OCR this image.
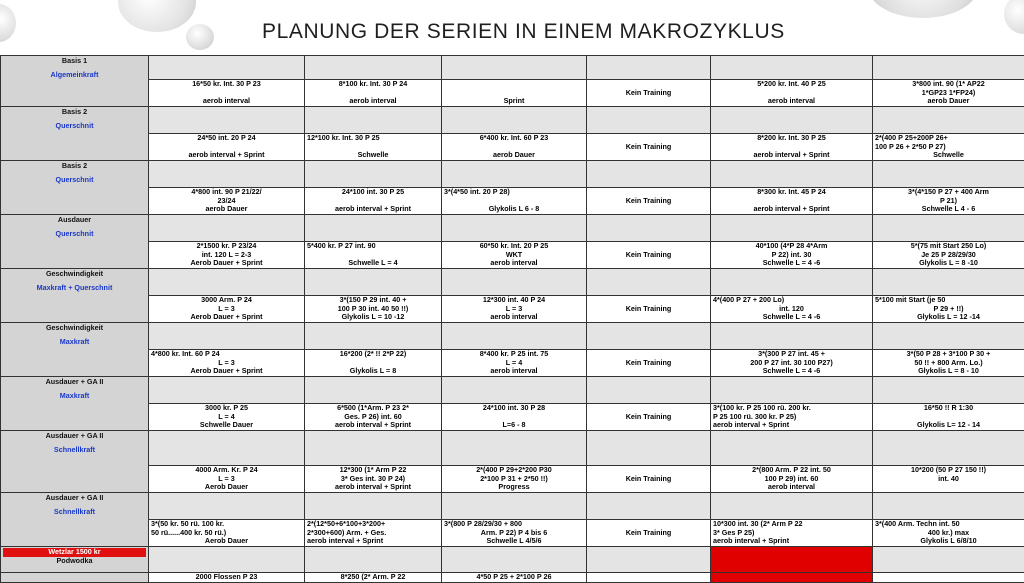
PLANUNG DER SERIEN IN EINEM MAKROZYKLUS
Basis 1
Algemeinkraft						

	16*50 kr. Int. 30 P 23

aerob interval	8*100 kr. Int. 30 P 24

aerob interval	Sprint	Kein Training	5*200 kr. Int. 40 P 25

aerob interval	3*800 int. 90 (1* AP22
1*GP23 1*FP24)
aerob Dauer

Basis 2
Querschnit						

	24*50 int. 20 P 24

aerob interval + Sprint	12*100 kr. Int. 30 P 25

Schwelle	6*400 kr. Int. 60 P 23

aerob Dauer	Kein Training	8*200 kr. Int. 30 P 25

aerob interval + Sprint	2*(400 P 25+200P 26+
100 P 26 + 2*50 P 27)
Schwelle

Basis 2
Querschnit						

	4*800 int. 90 P 21/22/
23/24
aerob Dauer	24*100 int. 30 P 25

aerob interval + Sprint	3*(4*50 int. 20 P 28)

Glykolis L 6 - 8	Kein Training	8*300 kr. Int. 45 P 24

aerob interval + Sprint	3*(4*150 P 27 + 400 Arm
P 21)
Schwelle L 4 - 6

Ausdauer
Querschnit						

	2*1500 kr. P 23/24
int. 120 L = 2-3
Aerob Dauer + Sprint	5*400 kr. P 27 int. 90

Schwelle L = 4	60*50 kr. Int. 20 P 25
WKT
aerob interval	Kein Training	40*100 (4*P 28 4*Arm
P 22) int. 30
Schwelle L = 4 -6	5*(75 mit Start 250 Lo)
Je 25 P 28/29/30
Glykolis L = 8 -10

Geschwindigkeit
Maxkraft + Querschnit						

	3000 Arm. P 24
L = 3
Aerob Dauer + Sprint	3*(150 P 29 int. 40 +
100 P 30 int. 40 50 !!)
Glykolis L = 10 -12	12*300 int. 40 P 24
L = 3
aerob interval	Kein Training	4*(400 P 27 + 200 Lo)
int. 120
Schwelle L = 4 -6	5*100 mit Start (je 50
P 29 + !!)
Glykolis L = 12 -14

Geschwindigkeit
Maxkraft						

	4*800 kr. Int. 60 P 24
L = 3
Aerob Dauer + Sprint	16*200 (2* !! 2*P 22)

Glykolis L = 8	8*400 kr. P 25 int. 75
L = 4
aerob interval	Kein Training	3*(300 P 27 int. 45 +
200 P 27 int. 30 100 P27)
Schwelle L = 4 -6	3*(50 P 28 + 3*100 P 30 +
50 !! + 800 Arm. Lo.)
Glykolis L = 8 - 10

Ausdauer + GA II
Maxkraft						

	3000 kr. P 25
L = 4
Schwelle Dauer	6*500 (1*Arm. P 23 2*
Ges. P 26) int. 60
aerob interval + Sprint	24*100 int. 30 P 28

L=6 - 8	Kein Training	3*(100 kr. P 25 100 rü. 200 kr.
P 25 100 rü. 300 kr. P 25)
aerob interval + Sprint	16*50 !! R 1:30

Glykolis L= 12 - 14

Ausdauer + GA II
Schnellkraft						

	4000 Arm. Kr. P 24
L = 3
Aerob Dauer	12*300 (1* Arm P 22
3* Ges int. 30 P 24)
aerob interval + Sprint	2*(400 P 29+2*200 P30
2*100 P 31 + 2*50 !!)
Progress	Kein Training	2*(800 Arm. P 22 int. 50
100 P 29) int. 60
aerob interval	10*200 (50 P 27 150 !!)
int. 40

Ausdauer + GA II
Schnellkraft						

	3*(50 kr. 50 rü. 100 kr.
50 rü......400 kr. 50 rü.)
Aerob Dauer	2*(12*50+6*100+3*200+
2*300+600) Arm. + Ges.
aerob interval + Sprint	3*(800 P 28/29/30 + 800
Arm. P 22) P 4 bis 6
Schwelle L 4/5/6	Kein Training	10*300 int. 30 (2* Arm P 22
3* Ges P 25)
aerob interval + Sprint	3*(400 Arm. Techn int. 50
400 kr.) max
Glykolis L 6/8/10

Wetzlar 1500 kr
Podwodka						

	2000 Flossen P 23	8*250 (2* Arm. P 22	4*50 P 25 + 2*100 P 26			
